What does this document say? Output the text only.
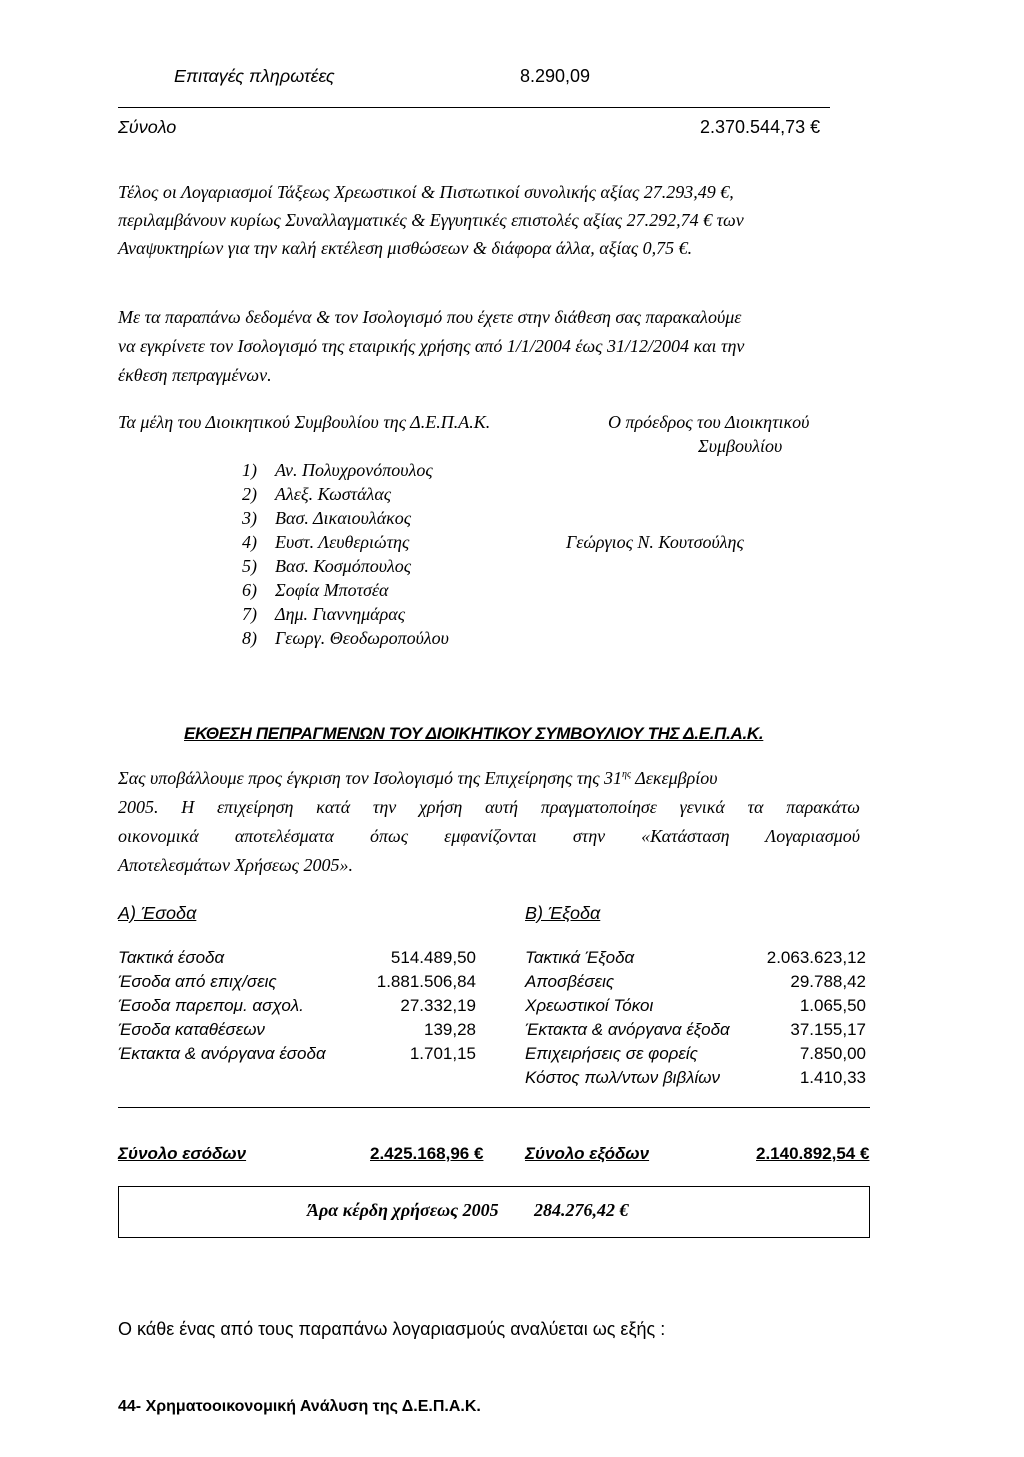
Επιταγές πληρωτέες	8.290,09
Σύνολο	2.370.544,73 €
Τέλος οι Λογαριασμοί Τάξεως Χρεωστικοί & Πιστωτικοί συνολικής αξίας 27.293,49 €,
περιλαμβάνουν κυρίως Συναλλαγματικές & Εγγυητικές επιστολές αξίας 27.292,74 € των
Αναψυκτηρίων για την καλή εκτέλεση μισθώσεων & διάφορα άλλα, αξίας 0,75 €.
Με τα παραπάνω δεδομένα & τον Ισολογισμό που έχετε στην διάθεση σας παρακαλούμε
να εγκρίνετε τον Ισολογισμό της εταιρικής χρήσης από 1/1/2004 έως 31/12/2004 και την
έκθεση πεπραγμένων.
Τα μέλη του Διοικητικού Συμβουλίου της Δ.Ε.Π.Α.Κ.	Ο πρόεδρος του Διοικητικού
Συμβουλίου
Γεώργιος Ν. Κουτσούλης
1) Αν. Πολυχρονόπουλος
2) Αλεξ. Κωστάλας
3) Βασ. Δικαιουλάκος
4) Ευστ. Λευθεριώτης
5) Βασ. Κοσμόπουλος
6) Σοφία Μποτσέα
7) Δημ. Γιαννημάρας
8) Γεωργ. Θεοδωροπούλου
ΕΚΘΕΣΗ ΠΕΠΡΑΓΜΕΝΩΝ ΤΟΥ ΔΙΟΙΚΗΤΙΚΟΥ ΣΥΜΒΟΥΛΙΟΥ ΤΗΣ Δ.Ε.Π.Α.Κ.
Σας υποβάλλουμε προς έγκριση τον Ισολογισμό της Επιχείρησης της $31^{\eta\varsigma}$ Δεκεμβρίου
2005. Η επιχείρηση κατά την χρήση αυτή πραγματοποίησε γενικά τα παρακάτω
οικονομικά αποτελέσματα όπως εμφανίζονται στην «Κατάσταση Λογαριασμού
Αποτελεσμάτων Χρήσεως 2005».
Α) Έσοδα
Τακτικά έσοδα	514.489,50
Έσοδα από επιχ/σεις	1.881.506,84
Έσοδα παρεπομ. ασχολ.	27.332,19
Έσοδα καταθέσεων	139,28
Έκτακτα & ανόργανα έσοδα	1.701,15
Β) Έξοδα
Τακτικά Έξοδα	2.063.623,12
Αποσβέσεις	29.788,42
Χρεωστικοί Τόκοι	1.065,50
Έκτακτα & ανόργανα έξοδα	37.155,17
Επιχειρήσεις σε φορείς	7.850,00
Κόστος πωλ/ντων βιβλίων	1.410,33
Σύνολο εσόδων	2.425.168,96 € Σύνολο εξόδων	2.140.892,54 €
Άρα κέρδη χρήσεως 2005 284.276,42 €
Ο κάθε ένας από τους παραπάνω λογαριασμούς αναλύεται ως εξής :
44- Χρηματοοικονομική Ανάλυση της Δ.Ε.Π.Α.Κ.
